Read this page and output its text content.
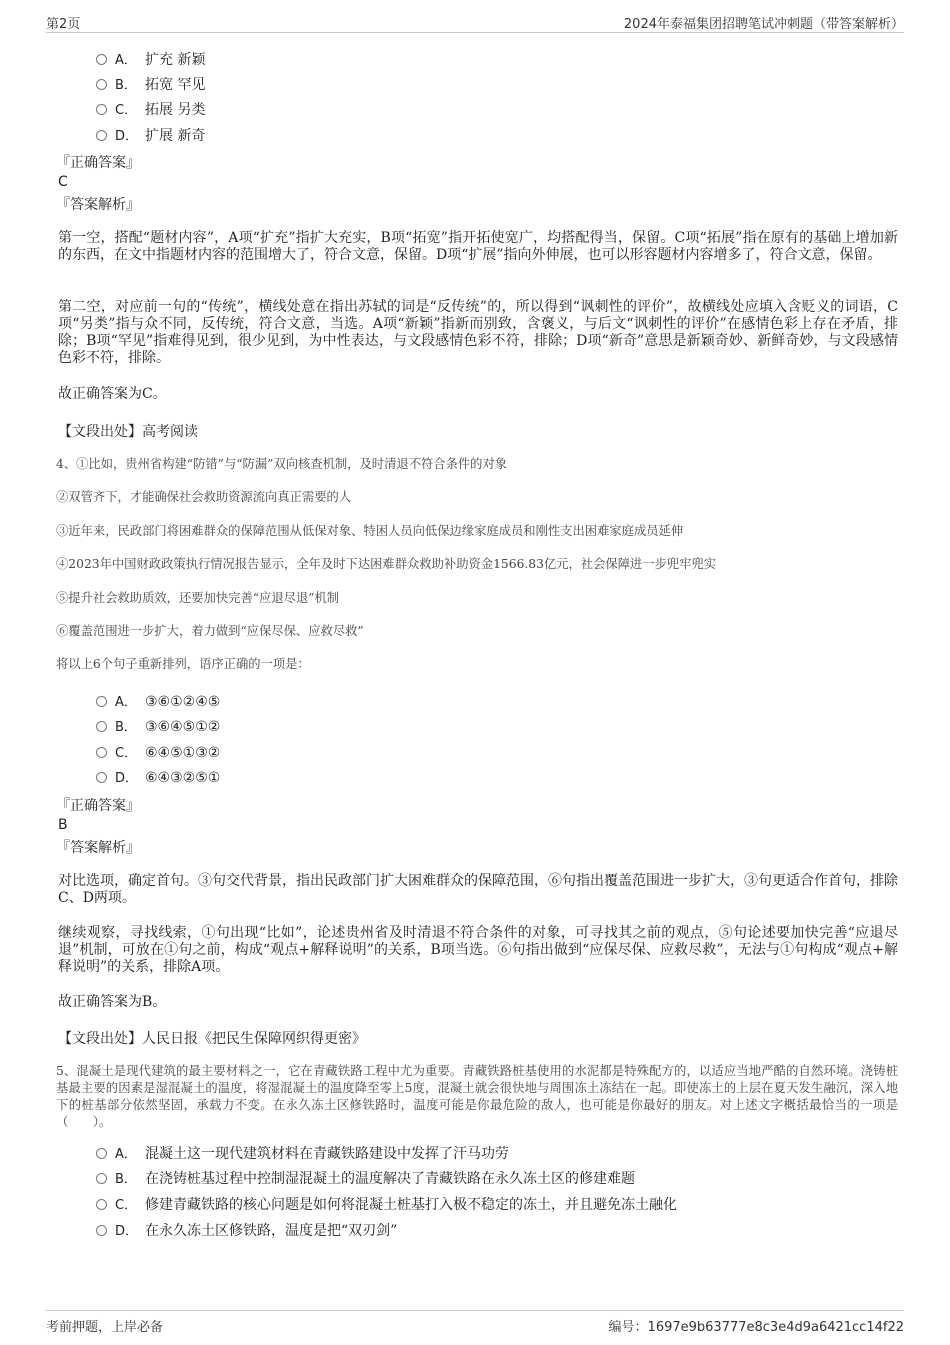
第2页	2024年泰福集团招聘笔试冲刺题（带答案解析）
A． 扩充 新颖
B． 拓宽 罕见
C． 拓展 另类
D． 扩展 新奇
『正确答案』
C
『答案解析』
第一空，搭配“题材内容”，A项“扩充”指扩大充实，B项“拓宽”指开拓使宽广，均搭配得当，保留。C项“拓展”指在原有的基础上增加新的东西，在文中指题材内容的范围增大了，符合文意，保留。D项“扩展”指向外伸展，也可以形容题材内容增多了，符合文意，保留。
第二空，对应前一句的“传统”，横线处意在指出苏轼的词是“反传统”的，所以得到“讽刺性的评价”，故横线处应填入含贬义的词语，C项“另类”指与众不同，反传统，符合文意，当选。A项“新颖”指新而别致，含褒义，与后文“讽刺性的评价”在感情色彩上存在矛盾，排除；B项“罕见”指难得见到，很少见到，为中性表达，与文段感情色彩不符，排除；D项“新奇”意思是新颖奇妙、新鲜奇妙，与文段感情色彩不符，排除。
故正确答案为C。
【文段出处】高考阅读
4、①比如，贵州省构建“防错”与“防漏”双向核查机制，及时清退不符合条件的对象
②双管齐下，才能确保社会救助资源流向真正需要的人
③近年来，民政部门将困难群众的保障范围从低保对象、特困人员向低保边缘家庭成员和刚性支出困难家庭成员延伸
④2023年中国财政政策执行情况报告显示，全年及时下达困难群众救助补助资金1566.83亿元，社会保障进一步兜牢兜实
⑤提升社会救助质效，还要加快完善“应退尽退”机制
⑥覆盖范围进一步扩大，着力做到“应保尽保、应救尽救”
将以上6个句子重新排列，语序正确的一项是：
A． ③⑥①②④⑤
B． ③⑥④⑤①②
C． ⑥④⑤①③②
D． ⑥④③②⑤①
『正确答案』
B
『答案解析』
对比选项，确定首句。③句交代背景，指出民政部门扩大困难群众的保障范围，⑥句指出覆盖范围进一步扩大，③句更适合作首句，排除C、D两项。
继续观察，寻找线索，①句出现“比如”，论述贵州省及时清退不符合条件的对象，可寻找其之前的观点，⑤句论述要加快完善“应退尽退”机制，可放在①句之前，构成“观点+解释说明”的关系，B项当选。⑥句指出做到“应保尽保、应救尽救”，无法与①句构成“观点+解释说明”的关系，排除A项。
故正确答案为B。
【文段出处】人民日报《把民生保障网织得更密》
5、混凝土是现代建筑的最主要材料之一，它在青藏铁路工程中尤为重要。青藏铁路桩基使用的水泥都是特殊配方的，以适应当地严酷的自然环境。浇铸桩基最主要的因素是湿混凝土的温度，将湿混凝土的温度降至零上5度，混凝土就会很快地与周围冻土冻结在一起。即使冻土的上层在夏天发生融沉，深入地下的桩基部分依然坚固，承载力不变。在永久冻土区修铁路时，温度可能是你最危险的敌人，也可能是你最好的朋友。对上述文字概括最恰当的一项是（　　）。
A． 混凝土这一现代建筑材料在青藏铁路建设中发挥了汗马功劳
B． 在浇铸桩基过程中控制湿混凝土的温度解决了青藏铁路在永久冻土区的修建难题
C． 修建青藏铁路的核心问题是如何将混凝土桩基打入极不稳定的冻土，并且避免冻土融化
D． 在永久冻土区修铁路，温度是把“双刃剑”
考前押题，上岸必备	编号：1697e9b63777e8c3e4d9a6421cc14f22
